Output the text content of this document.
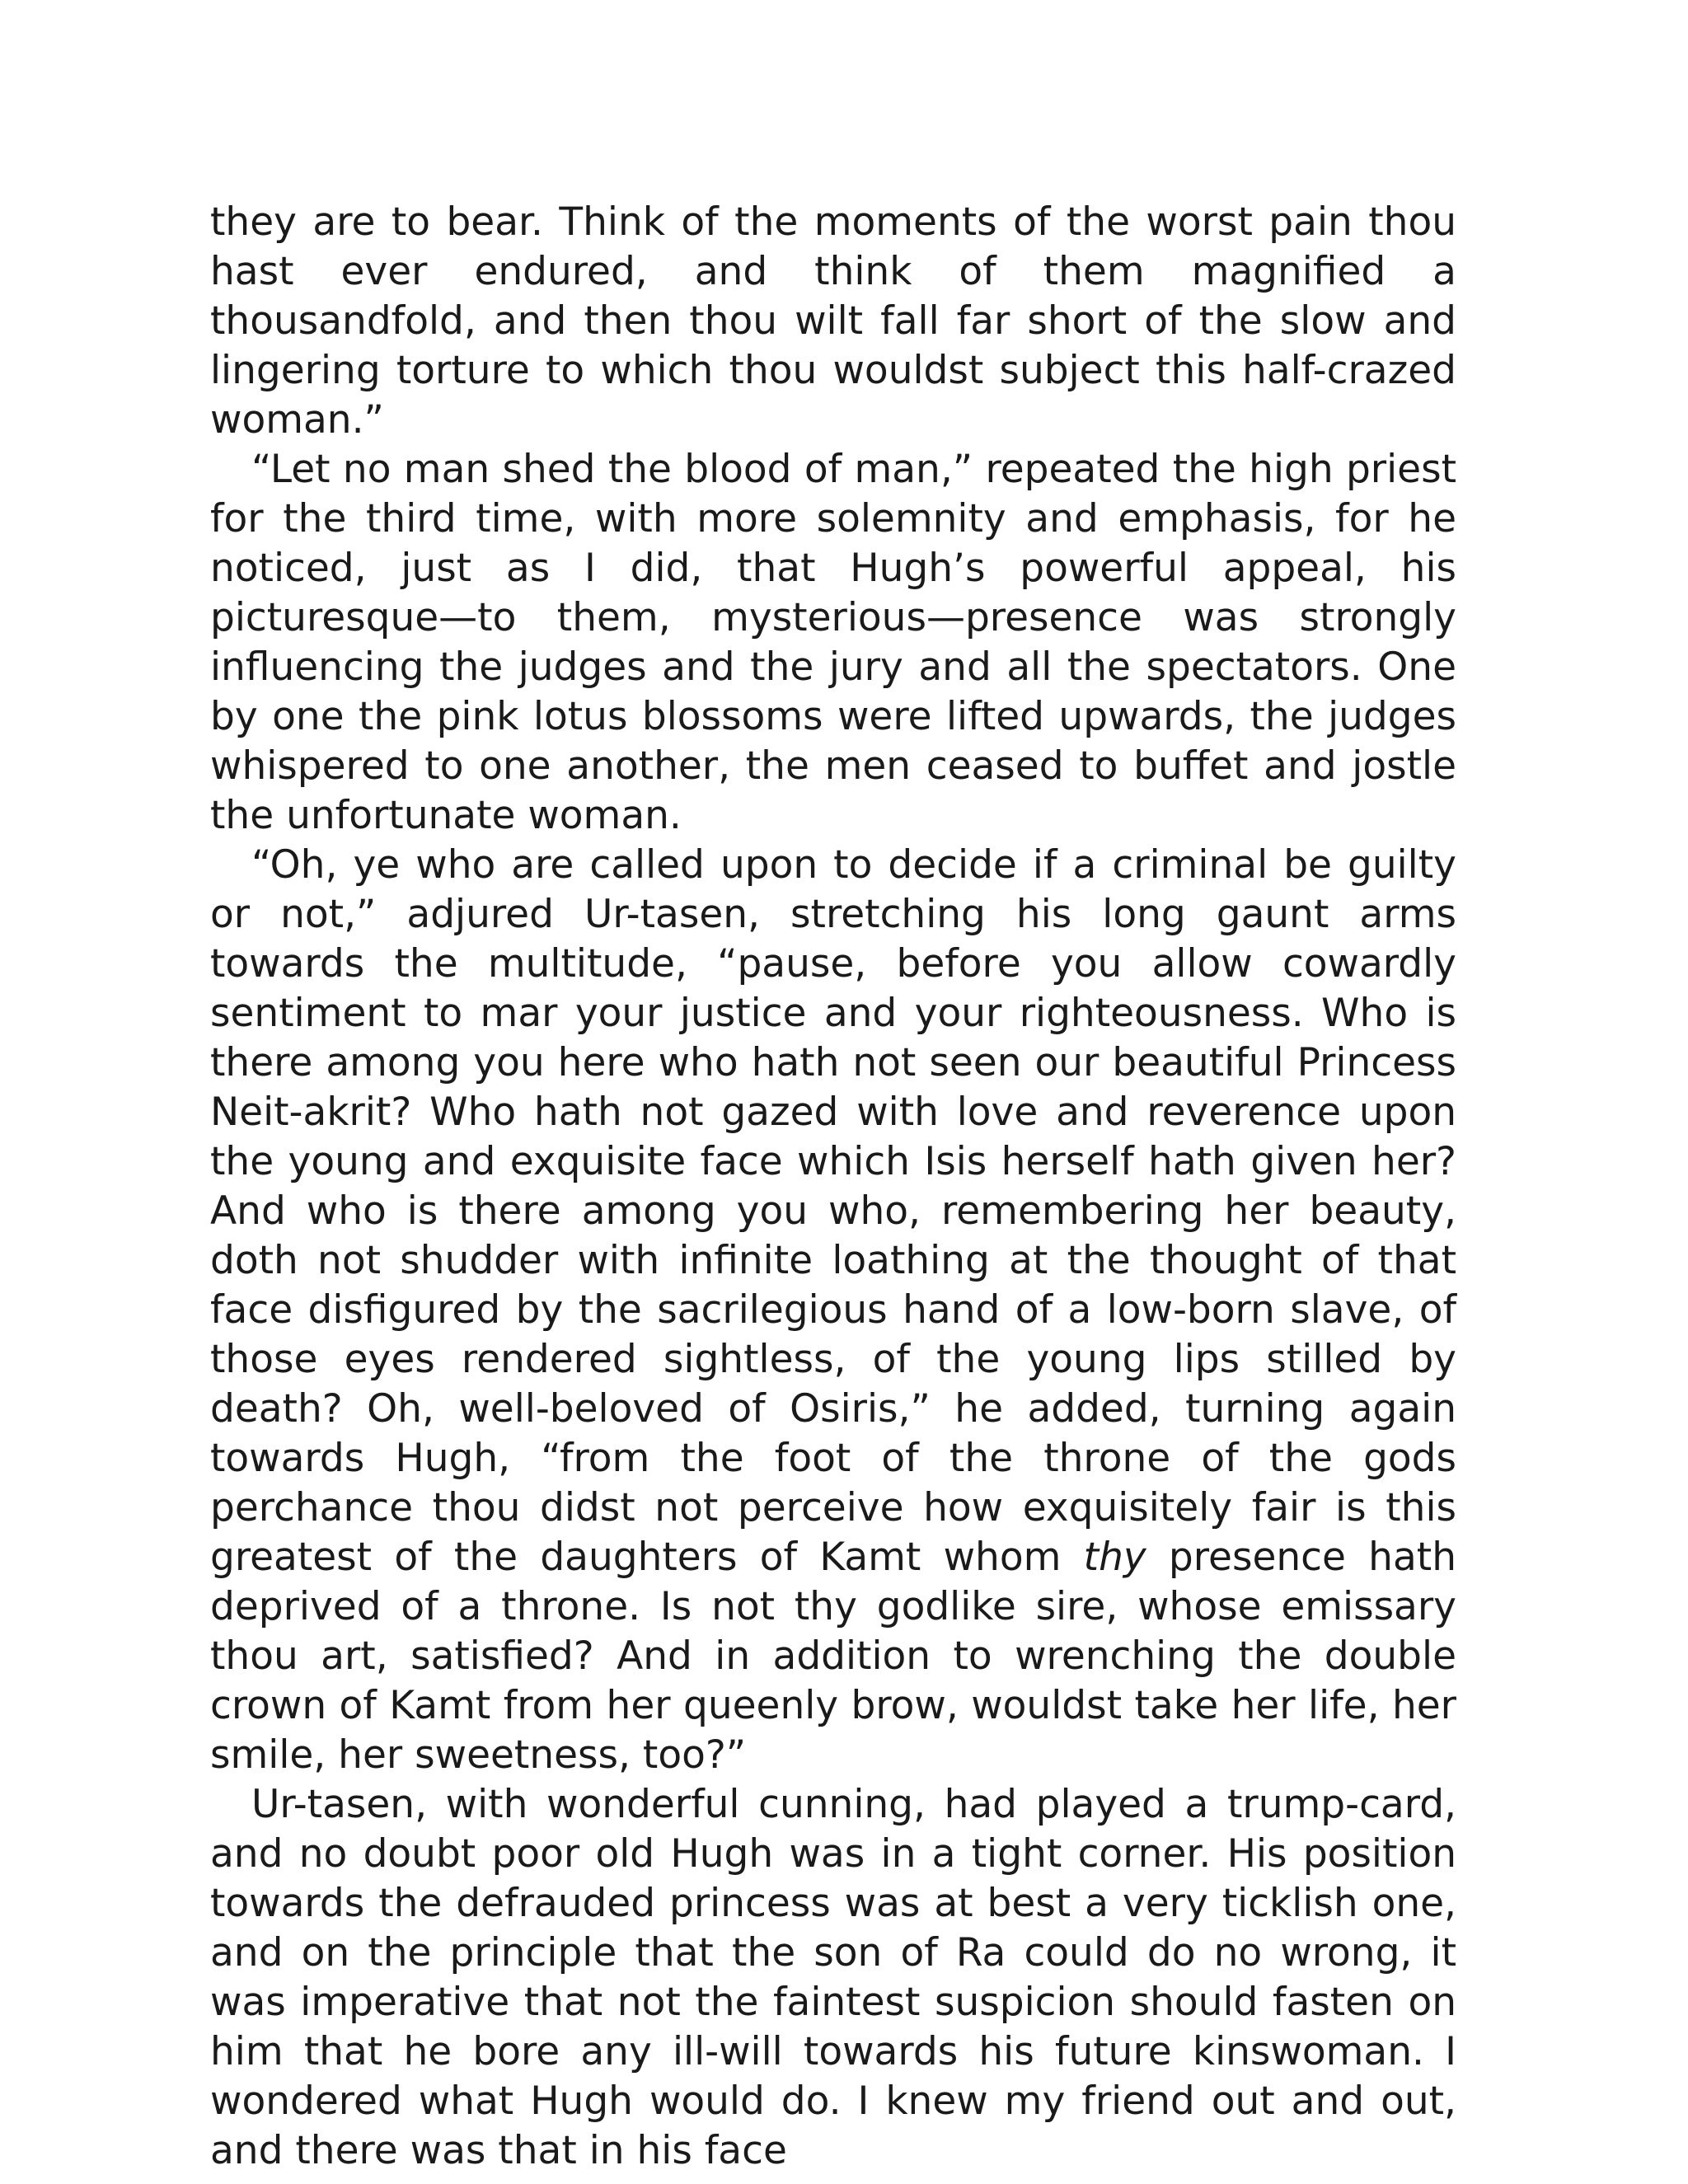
they are to bear. Think of the moments of the worst pain thou hast ever endured, and think of them magnified a thousandfold, and then thou wilt fall far short of the slow and lingering torture to which thou wouldst subject this half-crazed woman.”

“Let no man shed the blood of man,” repeated the high priest for the third time, with more solemnity and emphasis, for he noticed, just as I did, that Hugh’s powerful appeal, his picturesque—to them, mysterious—presence was strongly influencing the judges and the jury and all the spectators. One by one the pink lotus blossoms were lifted upwards, the judges whispered to one another, the men ceased to buffet and jostle the unfortunate woman.

“Oh, ye who are called upon to decide if a criminal be guilty or not,” adjured Ur-tasen, stretching his long gaunt arms towards the multitude, “pause, before you allow cowardly sentiment to mar your justice and your righteousness. Who is there among you here who hath not seen our beautiful Princess Neit-akrit? Who hath not gazed with love and reverence upon the young and exquisite face which Isis herself hath given her? And who is there among you who, remembering her beauty, doth not shudder with infinite loathing at the thought of that face disfigured by the sacrilegious hand of a low-born slave, of those eyes rendered sightless, of the young lips stilled by death? Oh, well-beloved of Osiris,” he added, turning again towards Hugh, “from the foot of the throne of the gods perchance thou didst not perceive how exquisitely fair is this greatest of the daughters of Kamt whom thy presence hath deprived of a throne. Is not thy godlike sire, whose emissary thou art, satisfied? And in addition to wrenching the double crown of Kamt from her queenly brow, wouldst take her life, her smile, her sweetness, too?”

Ur-tasen, with wonderful cunning, had played a trump-card, and no doubt poor old Hugh was in a tight corner. His position towards the defrauded princess was at best a very ticklish one, and on the principle that the son of Ra could do no wrong, it was imperative that not the faintest suspicion should fasten on him that he bore any ill-will towards his future kinswoman. I wondered what Hugh would do. I knew my friend out and out, and there was that in his face
